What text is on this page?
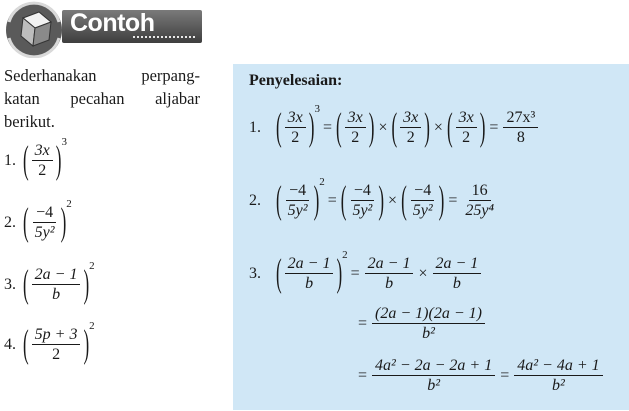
Contoh

Sederhanakan perpang-

katan pecahan aljabar

berikut.

1. ( $\frac{3x}{2}$ ) 3
2. ( $\frac{-4}{\text{5y²}}$ ) 2
3. ( $\frac{2a - 1}{b}$ ) 2
4. ( $\frac{5p + 3}{2}$ ) 2
Penyelesaian:
1. ( $\frac{3x}{2}$ ) 3
= ( $\frac{3x}{2}$ ) × ( $\frac{3x}{2}$ ) × ( $\frac{3x}{2}$ ) = $\frac{\text{27x³}}{8}$
2. ( $\frac{-4}{\text{5y²}}$ ) 2
= ( $\frac{-4}{\text{5y²}}$ ) × ( $\frac{-4}{\text{5y²}}$ ) = $\frac{16}{\text{25y⁴}}$
3. ( $\frac{2a - 1}{b}$ ) 2
= $\frac{2a - 1}{b} \times \frac{2a - 1}{b}$
= $\frac{(2a - 1)(2a - 1)}{\text{b²}}$
= $\frac{\text{4a² − 2a − 2a + 1}}{\text{b²}} = \frac{\text{4a² − 4a + 1}}{\text{b²}}$
